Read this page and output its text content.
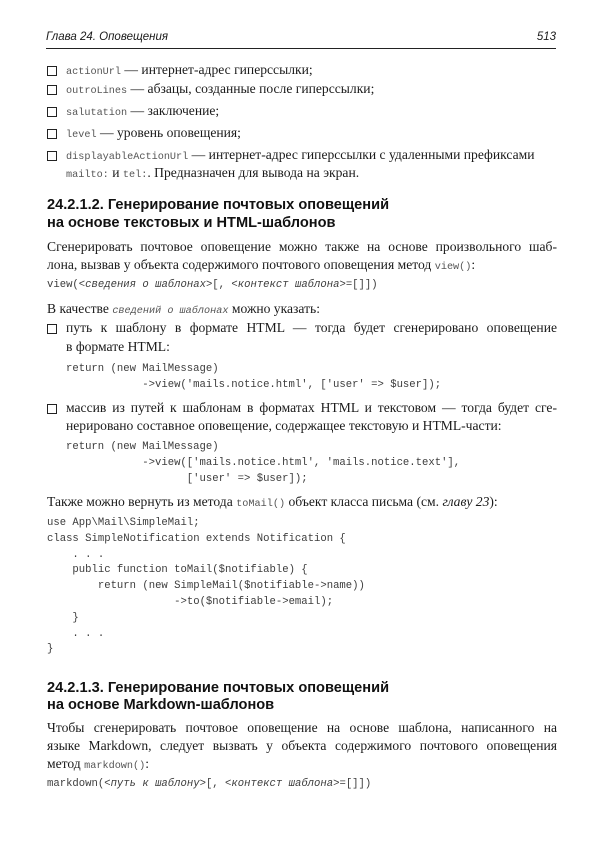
Глава 24. Оповещения	513
actionUrl — интернет-адрес гиперссылки;
outroLines — абзацы, созданные после гиперссылки;
salutation — заключение;
level — уровень оповещения;
displayableActionUrl — интернет-адрес гиперссылки с удаленными префиксами
mailto: и tel:. Предназначен для вывода на экран.
24.2.1.2. Генерирование почтовых оповещений
на основе текстовых и HTML-шаблонов
Сгенерировать почтовое оповещение можно также на основе произвольного шаб-
лона, вызвав у объекта содержимого почтового оповещения метод view():
view(<сведения о шаблонах>[, <контекст шаблона>=[]])
В качестве сведений о шаблонах можно указать:
путь к шаблону в формате HTML — тогда будет сгенерировано оповещение
в формате HTML:
return (new MailMessage)
->view('mails.notice.html', ['user' => $user]);
массив из путей к шаблонам в форматах HTML и текстовом — тогда будет сге-
нерировано составное оповещение, содержащее текстовую и HTML-части:
return (new MailMessage)
->view(['mails.notice.html', 'mails.notice.text'],
['user' => $user]);
Также можно вернуть из метода toMail() объект класса письма (см. главу 23):
use App\Mail\SimpleMail;
class SimpleNotification extends Notification {
. . .
public function toMail($notifiable) {
return (new SimpleMail($notifiable->name))
->to($notifiable->email);
}
. . .
}
24.2.1.3. Генерирование почтовых оповещений
на основе Markdown-шаблонов
Чтобы сгенерировать почтовое оповещение на основе шаблона, написанного на
языке Markdown, следует вызвать у объекта содержимого почтового оповещения
метод markdown():
markdown(<путь к шаблону>[, <контекст шаблона>=[]])
